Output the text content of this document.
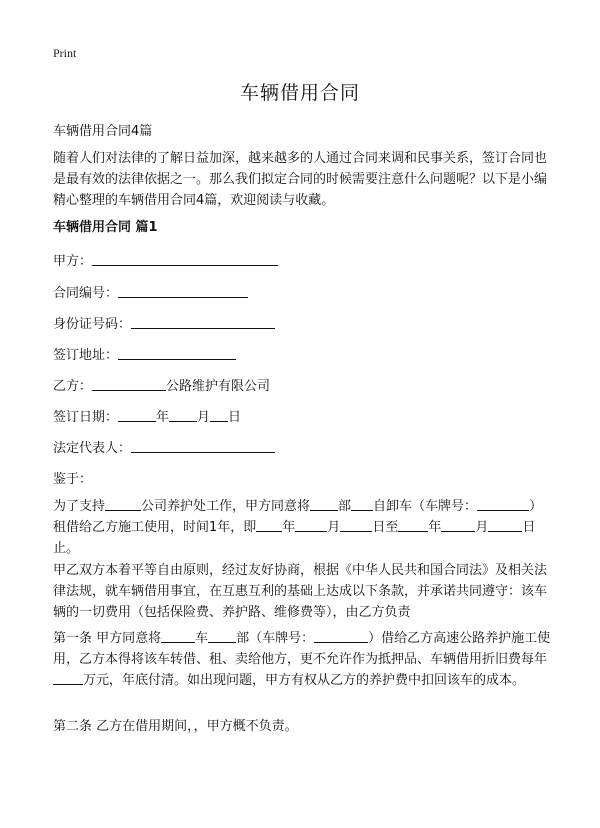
Print
车辆借用合同
车辆借用合同4篇
随着人们对法律的了解日益加深，越来越多的人通过合同来调和民事关系，签订合同也是最有效的法律依据之一。那么我们拟定合同的时候需要注意什么问题呢？以下是小编精心整理的车辆借用合同4篇，欢迎阅读与收藏。
车辆借用合同 篇1
甲方：
合同编号：
身份证号码：
签订地址：
乙方：	公路维护有限公司
签订日期：	年 月 日
法定代表人：
鉴于：
为了支持	公司养护处工作，甲方同意将 部 自卸车（车牌号：	）租借给乙方施工使用，时间1年，即 年 月 日至 年	月	日止。
甲乙双方本着平等自由原则，经过友好协商，根据《中华人民共和国合同法》及相关法律法规，就车辆借用事宜，在互惠互利的基础上达成以下条款，并承诺共同遵守：该车辆的一切费用（包括保险费、养护路、维修费等），由乙方负责
第一条 甲方同意将	车 部（车牌号：	）借给乙方高速公路养护施工使用，乙方本得将该车转借、租、卖给他方，更不允许作为抵押品、车辆借用折旧费每年万元，年底付清。如出现问题，甲方有权从乙方的养护费中扣回该车的成本。
第二条 乙方在借用期间，，甲方概不负责。
